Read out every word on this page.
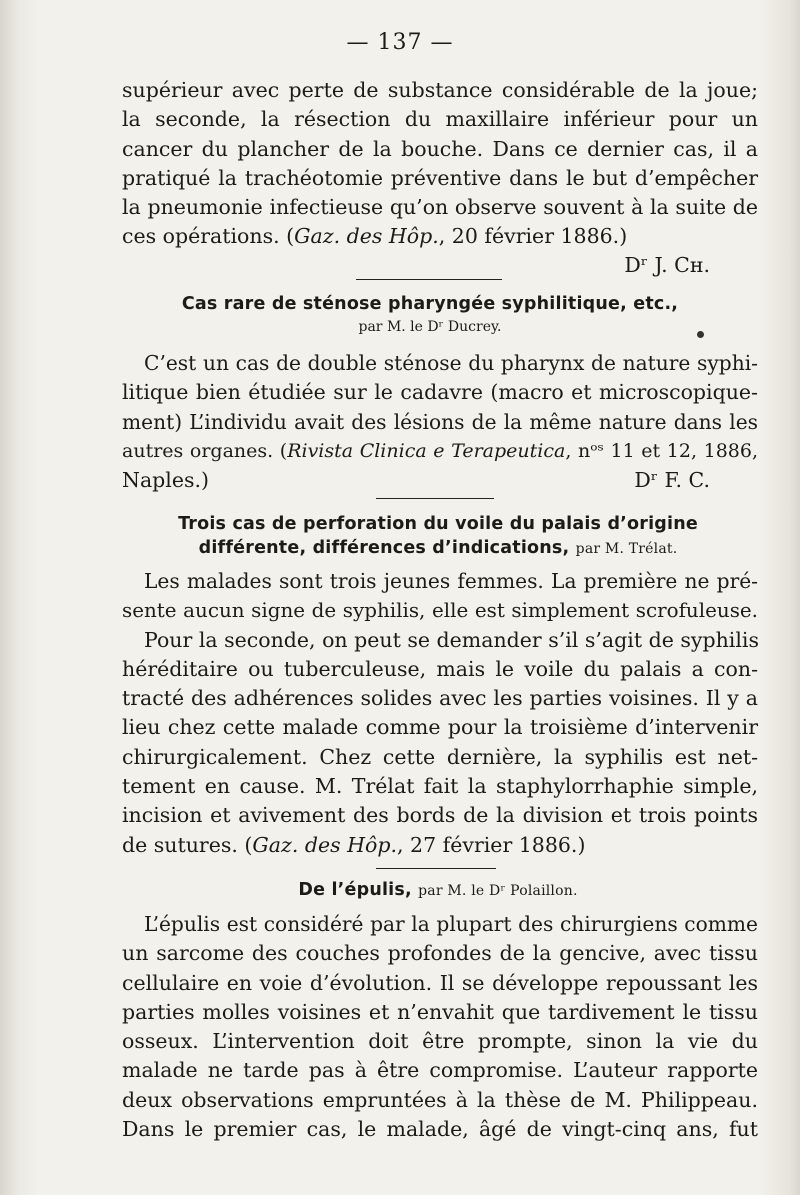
— 137 —
supérieur avec perte de substance considérable de la joue;
la seconde, la résection du maxillaire inférieur pour un
cancer du plancher de la bouche. Dans ce dernier cas, il a
pratiqué la trachéotomie préventive dans le but d’empêcher
la pneumonie infectieuse qu’on observe souvent à la suite de
ces opérations. (Gaz. des Hôp., 20 février 1886.)
Dʳ J. Cʜ.
Cas rare de sténose pharyngée syphilitique, etc.,
par M. le Dʳ Ducrey.
C’est un cas de double sténose du pharynx de nature syphi-
litique bien étudiée sur le cadavre (macro et microscopique-
ment) L’individu avait des lésions de la même nature dans les
autres organes. (Rivista Clinica e Terapeutica, nᵒˢ 11 et 12, 1886,
Naples.)	Dʳ F. C.
Trois cas de perforation du voile du palais d’origine
différente, différences d’indications, par M. Trélat.
Les malades sont trois jeunes femmes. La première ne pré-
sente aucun signe de syphilis, elle est simplement scrofuleuse.
Pour la seconde, on peut se demander s’il s’agit de syphilis
héréditaire ou tuberculeuse, mais le voile du palais a con-
tracté des adhérences solides avec les parties voisines. Il y a
lieu chez cette malade comme pour la troisième d’intervenir
chirurgicalement. Chez cette dernière, la syphilis est net-
tement en cause. M. Trélat fait la staphylorrhaphie simple,
incision et avivement des bords de la division et trois points
de sutures. (Gaz. des Hôp., 27 février 1886.)
De l’épulis, par M. le Dʳ Polaillon.
L’épulis est considéré par la plupart des chirurgiens comme
un sarcome des couches profondes de la gencive, avec tissu
cellulaire en voie d’évolution. Il se développe repoussant les
parties molles voisines et n’envahit que tardivement le tissu
osseux. L’intervention doit être prompte, sinon la vie du
malade ne tarde pas à être compromise. L’auteur rapporte
deux observations empruntées à la thèse de M. Philippeau.
Dans le premier cas, le malade, âgé de vingt-cinq ans, fut
